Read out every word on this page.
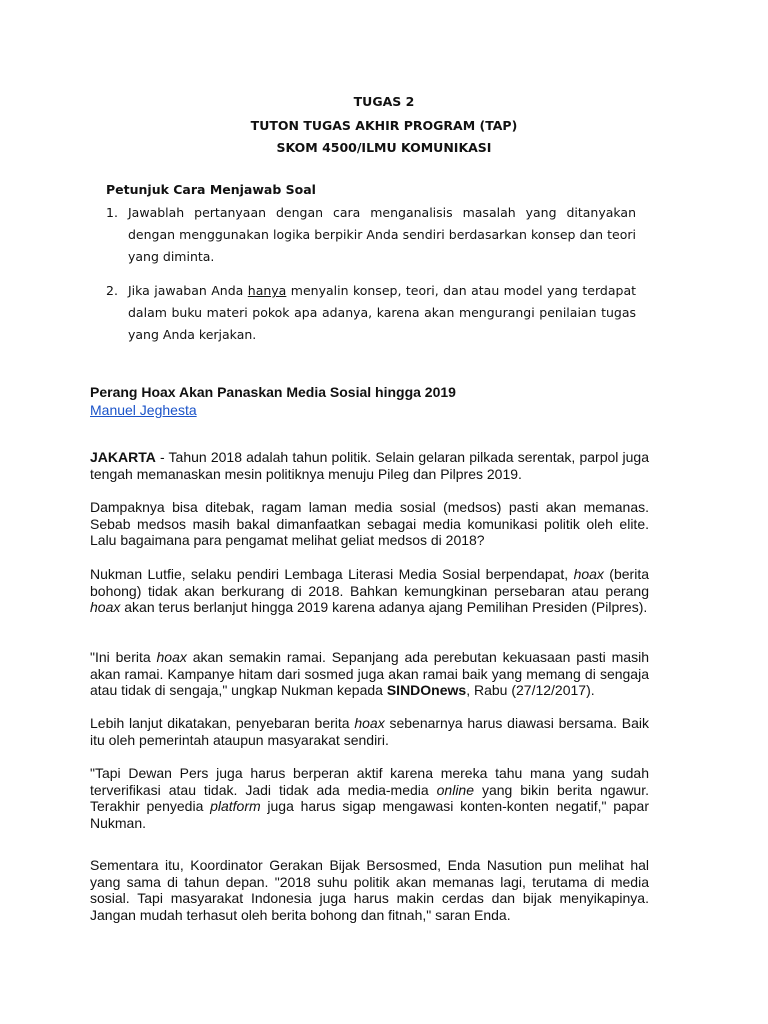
TUGAS 2
TUTON TUGAS AKHIR PROGRAM (TAP)
SKOM 4500/ILMU KOMUNIKASI
Petunjuk Cara Menjawab Soal
1. Jawablah pertanyaan dengan cara menganalisis masalah yang ditanyakan dengan menggunakan logika berpikir Anda sendiri berdasarkan konsep dan teori yang diminta.
2. Jika jawaban Anda hanya menyalin konsep, teori, dan atau model yang terdapat dalam buku materi pokok apa adanya, karena akan mengurangi penilaian tugas yang Anda kerjakan.
Perang Hoax Akan Panaskan Media Sosial hingga 2019
Manuel Jeghesta

JAKARTA - Tahun 2018 adalah tahun politik. Selain gelaran pilkada serentak, parpol juga tengah memanaskan mesin politiknya menuju Pileg dan Pilpres 2019.

Dampaknya bisa ditebak, ragam laman media sosial (medsos) pasti akan memanas. Sebab medsos masih bakal dimanfaatkan sebagai media komunikasi politik oleh elite. Lalu bagaimana para pengamat melihat geliat medsos di 2018?

Nukman Lutfie, selaku pendiri Lembaga Literasi Media Sosial berpendapat, hoax (berita bohong) tidak akan berkurang di 2018. Bahkan kemungkinan persebaran atau perang hoax akan terus berlanjut hingga 2019 karena adanya ajang Pemilihan Presiden (Pilpres).

"Ini berita hoax akan semakin ramai. Sepanjang ada perebutan kekuasaan pasti masih akan ramai. Kampanye hitam dari sosmed juga akan ramai baik yang memang di sengaja atau tidak di sengaja," ungkap Nukman kepada SINDOnews, Rabu (27/12/2017).

Lebih lanjut dikatakan, penyebaran berita hoax sebenarnya harus diawasi bersama. Baik itu oleh pemerintah ataupun masyarakat sendiri.

"Tapi Dewan Pers juga harus berperan aktif karena mereka tahu mana yang sudah terverifikasi atau tidak. Jadi tidak ada media-media online yang bikin berita ngawur. Terakhir penyedia platform juga harus sigap mengawasi konten-konten negatif," papar Nukman.

Sementara itu, Koordinator Gerakan Bijak Bersosmed, Enda Nasution pun melihat hal yang sama di tahun depan. "2018 suhu politik akan memanas lagi, terutama di media sosial. Tapi masyarakat Indonesia juga harus makin cerdas dan bijak menyikapinya. Jangan mudah terhasut oleh berita bohong dan fitnah," saran Enda.
